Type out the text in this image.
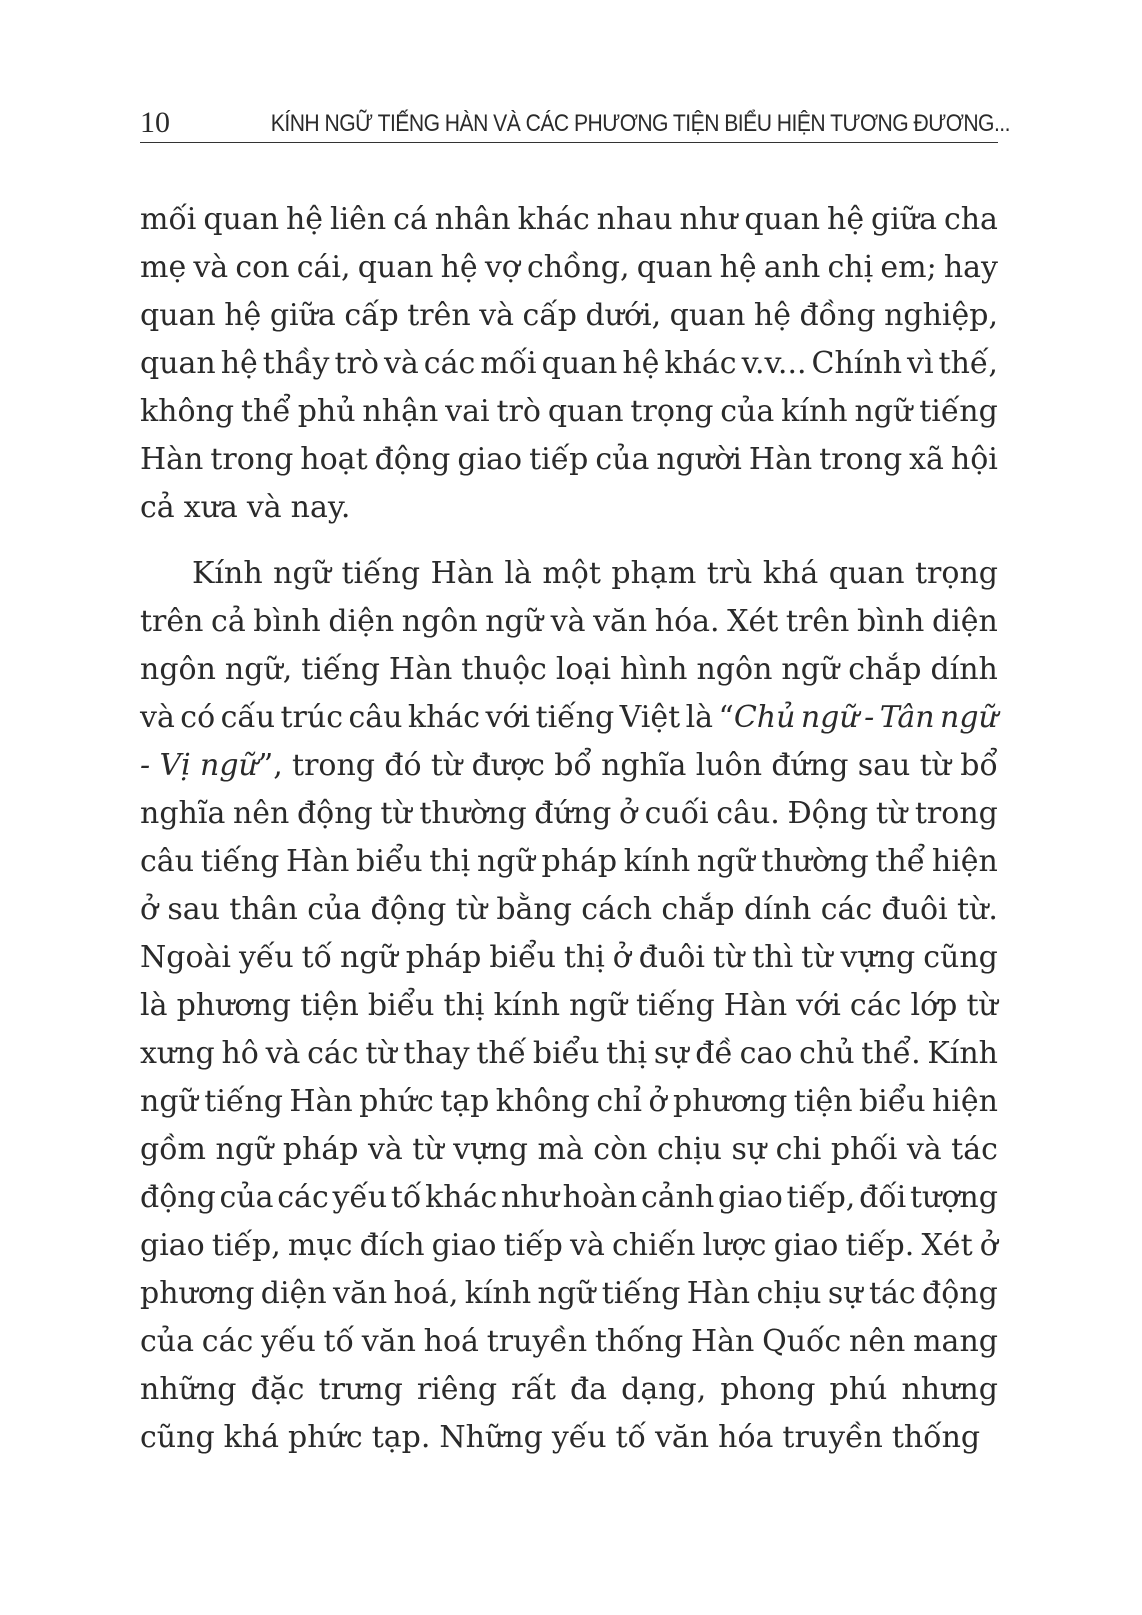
10	KÍNH NGỮ TIẾNG HÀN VÀ CÁC PHƯƠNG TIỆN BIỂU HIỆN TƯƠNG ĐƯƠNG...
mối quan hệ liên cá nhân khác nhau như quan hệ giữa cha
mẹ và con cái, quan hệ vợ chồng, quan hệ anh chị em; hay
quan hệ giữa cấp trên và cấp dưới, quan hệ đồng nghiệp,
quan hệ thầy trò và các mối quan hệ khác v.v... Chính vì thế,
không thể phủ nhận vai trò quan trọng của kính ngữ tiếng
Hàn trong hoạt động giao tiếp của người Hàn trong xã hội
cả xưa và nay.
Kính ngữ tiếng Hàn là một phạm trù khá quan trọng
trên cả bình diện ngôn ngữ và văn hóa. Xét trên bình diện
ngôn ngữ, tiếng Hàn thuộc loại hình ngôn ngữ chắp dính
và có cấu trúc câu khác với tiếng Việt là “Chủ ngữ - Tân ngữ
- Vị ngữ”, trong đó từ được bổ nghĩa luôn đứng sau từ bổ
nghĩa nên động từ thường đứng ở cuối câu. Động từ trong
câu tiếng Hàn biểu thị ngữ pháp kính ngữ thường thể hiện
ở sau thân của động từ bằng cách chắp dính các đuôi từ.
Ngoài yếu tố ngữ pháp biểu thị ở đuôi từ thì từ vựng cũng
là phương tiện biểu thị kính ngữ tiếng Hàn với các lớp từ
xưng hô và các từ thay thế biểu thị sự đề cao chủ thể. Kính
ngữ tiếng Hàn phức tạp không chỉ ở phương tiện biểu hiện
gồm ngữ pháp và từ vựng mà còn chịu sự chi phối và tác
động của các yếu tố khác như hoàn cảnh giao tiếp, đối tượng
giao tiếp, mục đích giao tiếp và chiến lược giao tiếp. Xét ở
phương diện văn hoá, kính ngữ tiếng Hàn chịu sự tác động
của các yếu tố văn hoá truyền thống Hàn Quốc nên mang
những đặc trưng riêng rất đa dạng, phong phú nhưng
cũng khá phức tạp. Những yếu tố văn hóa truyền thống
